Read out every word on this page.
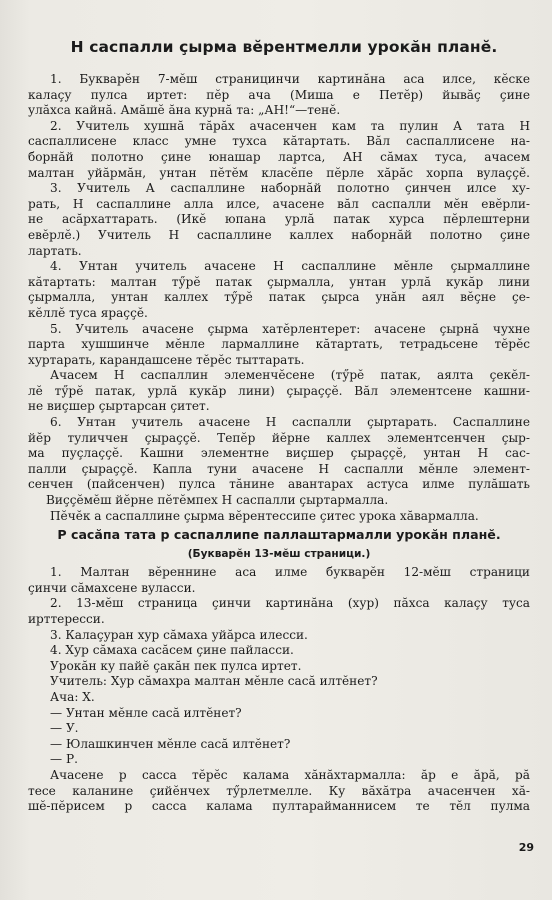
Н саспалли ҫырма вӗрентмелли урокӑн планӗ.
1. Букварӗн 7-мӗш страницинчи картинӑна аса илсе, кӗске
калаҫу пулса иртет: пӗр ача (Миша е Петӗр) йывӑҫ ҫине
улӑхса кайнӑ. Амӑшӗ ӑна курнӑ та: „АН!“—тенӗ.
2. Учитель хушнӑ тӑрӑх ачасенчен кам та пулин А тата Н
саспаллисене класс умне тухса кӑтартать. Вӑл саспаллисене на-
борнӑй полотно ҫине юнашар лартса, АН сӑмах туса, ачасем
малтан уйӑрмӑн, унтан пӗтӗм класӗпе пӗрле хӑрӑс хорпа вулаҫҫӗ.
3. Учитель А саспаллине наборнӑй полотно ҫинчен илсе ху-
рать, Н саспаллине алла илсе, ачасене вӑл саспалли мӗн евӗрли-
не асӑрхаттарать. (Икӗ юпана урлӑ патак хурса пӗрлештерни
евӗрлӗ.) Учитель Н саспаллине каллех наборнӑй полотно ҫине
лартать.
4. Унтан учитель ачасене Н саспаллине мӗнле ҫырмаллине
кӑтартать: малтан тӳрӗ патак ҫырмалла, унтан урлӑ кукӑр лини
ҫырмалла, унтан каллех тӳрӗ патак ҫырса унӑн аял вӗҫне ҫе-
кӗллӗ туса яраҫҫӗ.
5. Учитель ачасене ҫырма хатӗрлентерет: ачасене ҫырнӑ чухне
парта хушшинче мӗнле лармаллине кӑтартать, тетрадьсене тӗрӗс
хуртарать, карандашсене тӗрӗс тыттарать.
Ачасем Н саспаллин элеменчӗсене (тӳрӗ патак, аялта ҫекӗл-
лӗ тӳрӗ патак, урлӑ кукӑр лини) ҫыраҫҫӗ. Вӑл элементсене кашни-
не виҫшер ҫыртарсан ҫитет.
6. Унтан учитель ачасене Н саспалли ҫыртарать. Саспаллине
йӗр туличчен ҫыраҫҫӗ. Тепӗр йӗрне каллех элементсенчен ҫыр-
ма пуҫлаҫҫӗ. Кашни элементне виҫшер ҫыраҫҫӗ, унтан Н сас-
палли ҫыраҫҫӗ. Капла туни ачасене Н саспалли мӗнле элемент-
сенчен (пайсенчен) пулса тӑнине авантарах астуса илме пулӑшать
Виҫҫӗмӗш йӗрне пӗтӗмпех Н саспалли ҫыртармалла.
Пӗчӗк а саспаллине ҫырма вӗрентессипе ҫитес урока хӑвармалла.
Р сасӑпа тата р саспаллипе паллаштармалли урокӑн планӗ.
(Букварӗн 13-мӗш страници.)
1. Малтан вӗреннине аса илме букварӗн 12-мӗш страници
ҫинчи сӑмахсене вуласси.
2. 13-мӗш страница ҫинчи картинӑна (хур) пӑхса калаҫу туса
ирттересси.
3. Калаҫуран хур сӑмаха уйӑрса илесси.
4. Хур сӑмаха сасӑсем ҫине пайласси.
Урокӑн ку пайӗ ҫакӑн пек пулса иртет.
Учитель: Хур сӑмахра малтан мӗнле сасӑ илтӗнет?
Ача: Х.
— Унтан мӗнле сасӑ илтӗнет?
— У.
— Юлашкинчен мӗнле сасӑ илтӗнет?
— Р.
Ачасене р сасса тӗрӗс калама хӑнӑхтармалла: ӑр е ӑрӑ, рӑ
тесе каланине ҫийӗнчех тӳрлетмелле. Ку вӑхӑтра ачасенчен хӑ-
шӗ-пӗрисем р сасса калама пултарайманнисем те тӗл пулма
29
